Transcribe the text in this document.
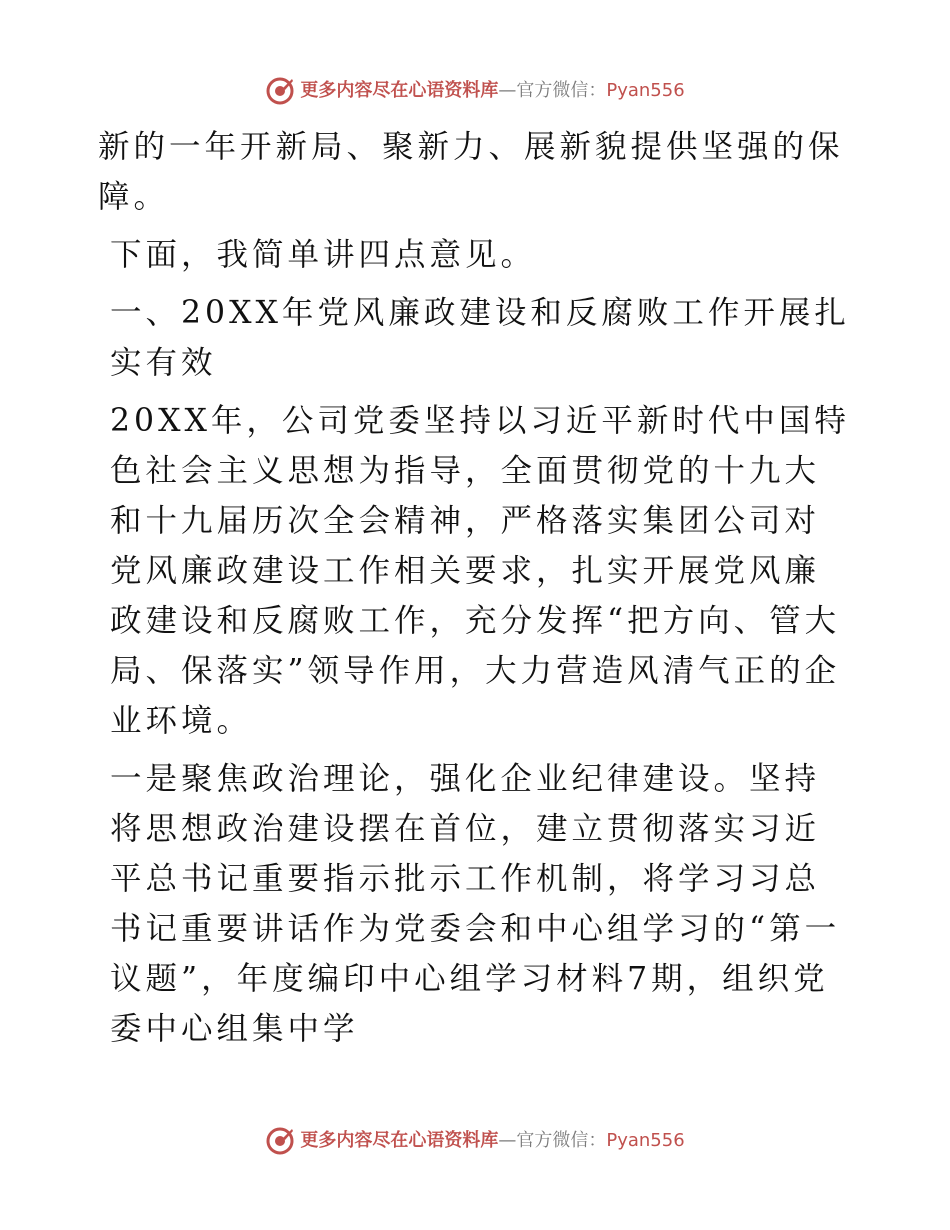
更多内容尽在心语资料库 — 官方微信： Pyan556

新的一年开新局、聚新力、展新貌提供坚强的保障。

下面，我简单讲四点意见。

一、20XX年党风廉政建设和反腐败工作开展扎实有效

20XX年，公司党委坚持以习近平新时代中国特色社会主义思想为指导，全面贯彻党的十九大和十九届历次全会精神，严格落实集团公司对党风廉政建设工作相关要求，扎实开展党风廉政建设和反腐败工作，充分发挥“把方向、管大局、保落实”领导作用，大力营造风清气正的企业环境。

一是聚焦政治理论，强化企业纪律建设。坚持将思想政治建设摆在首位，建立贯彻落实习近平总书记重要指示批示工作机制，将学习习总书记重要讲话作为党委会和中心组学习的“第一议题”，年度编印中心组学习材料7期，组织党委中心组集中学

更多内容尽在心语资料库 — 官方微信： Pyan556
